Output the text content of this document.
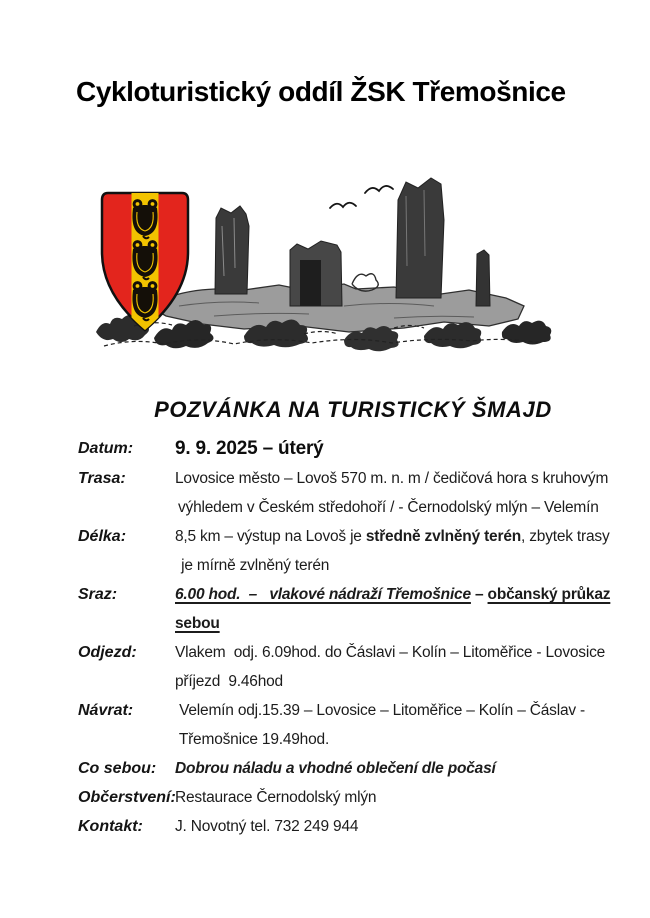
Cykloturistický oddíl ŽSK Třemošnice
POZVÁNKA NA TURISTICKÝ ŠMAJD
Datum:	9. 9. 2025 – úterý
Trasa:	Lovosice město – Lovoš 570 m. n. m / čedičová hora s kruhovým
výhledem v Českém středohoří / - Černodolský mlýn – Velemín
Délka:	8,5 km – výstup na Lovoš je středně zvlněný terén, zbytek trasy
je mírně zvlněný terén
Sraz:	6.00 hod.  –   vlakové nádraží Třemošnice – občanský průkaz
sebou
Odjezd:	Vlakem  odj. 6.09hod. do Čáslavi – Kolín – Litoměřice - Lovosice
příjezd  9.46hod
Návrat:	Velemín odj.15.39 – Lovosice – Litoměřice – Kolín – Čáslav -
Třemošnice 19.49hod.
Co sebou:	Dobrou náladu a vhodné oblečení dle počasí
Občerstvení: Restaurace Černodolský mlýn
Kontakt:	J. Novotný tel. 732 249 944
